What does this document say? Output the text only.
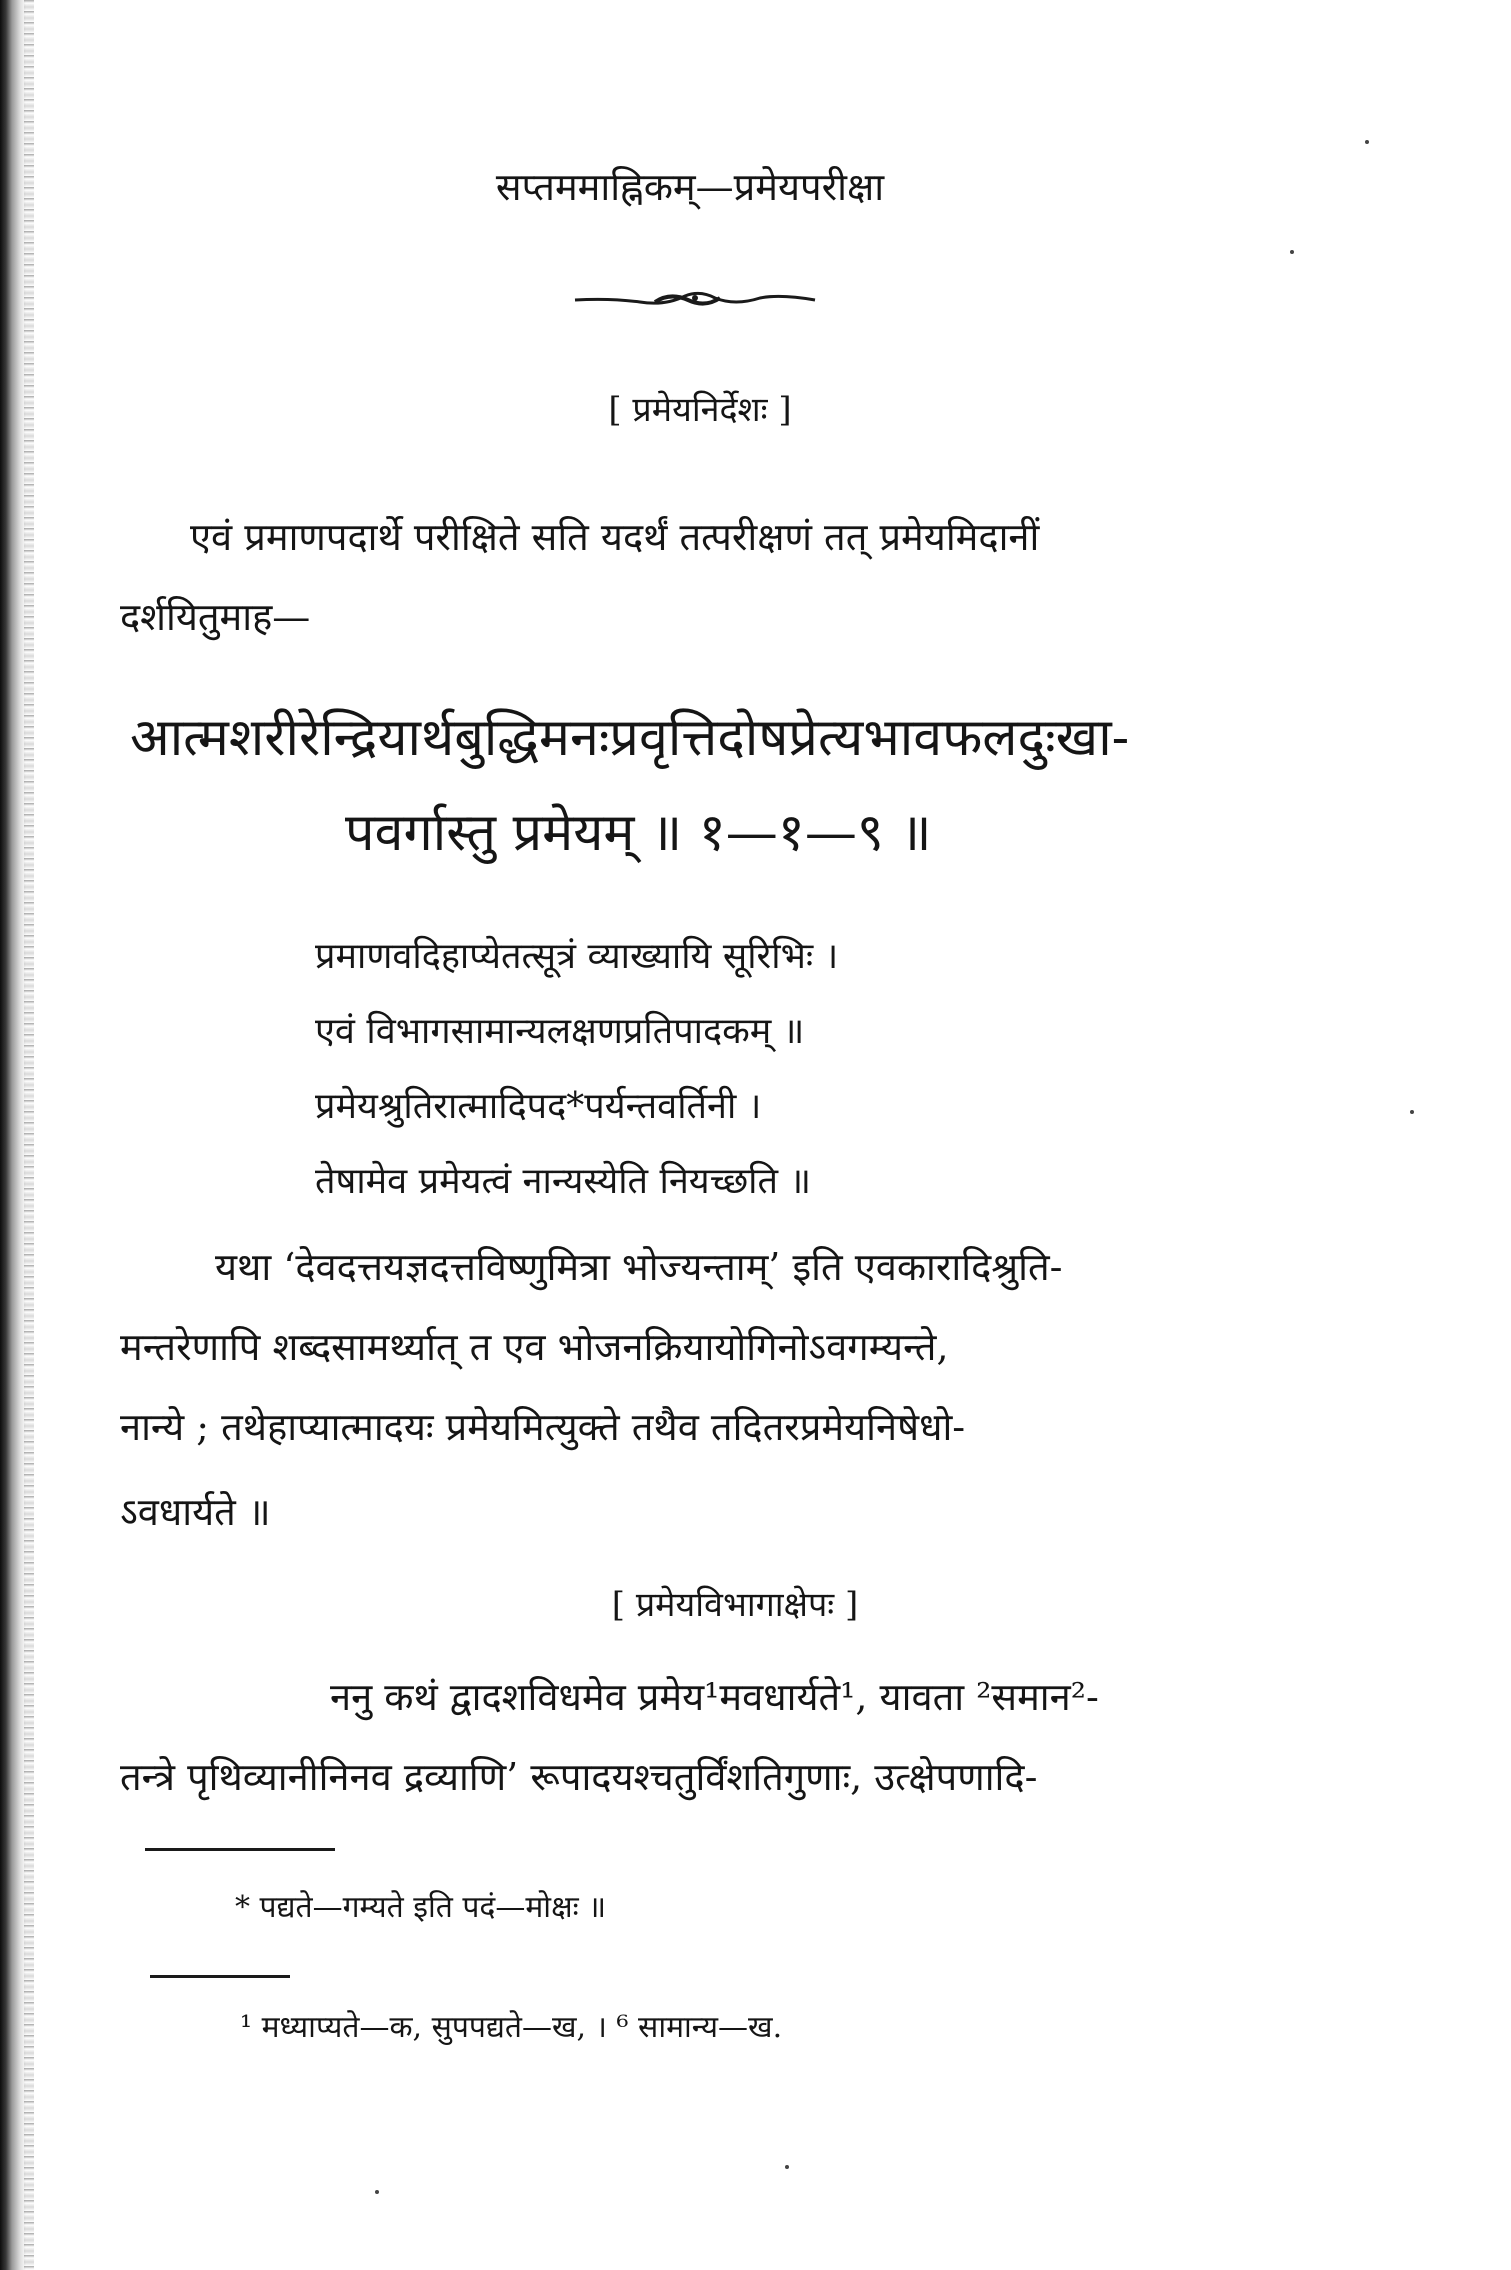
सप्तममाह्निकम्—प्रमेयपरीक्षा
[ प्रमेयनिर्देशः ]
एवं प्रमाणपदार्थे परीक्षिते सति यदर्थं तत्परीक्षणं तत् प्रमेयमिदानीं
दर्शयितुमाह—
आत्मशरीरेन्द्रियार्थबुद्धिमनःप्रवृत्तिदोषप्रेत्यभावफलदुःखा-
पवर्गास्तु प्रमेयम् ॥ १—१—९ ॥
प्रमाणवदिहाप्येतत्सूत्रं व्याख्यायि सूरिभिः ।
एवं विभागसामान्यलक्षणप्रतिपादकम् ॥
प्रमेयश्रुतिरात्मादिपद*पर्यन्तवर्तिनी ।
तेषामेव प्रमेयत्वं नान्यस्येति नियच्छति ॥
यथा ‘देवदत्तयज्ञदत्तविष्णुमित्रा भोज्यन्ताम्’ इति एवकारादिश्रुति-
मन्तरेणापि शब्दसामर्थ्यात् त एव भोजनक्रियायोगिनोऽवगम्यन्ते,
नान्ये ; तथेहाप्यात्मादयः प्रमेयमित्युक्ते तथैव तदितरप्रमेयनिषेधो-
ऽवधार्यते ॥
[ प्रमेयविभागाक्षेपः ]
ननु कथं द्वादशविधमेव प्रमेय¹मवधार्यते¹, यावता ²समान²-
तन्त्रे पृथिव्यानीनिनव द्रव्याणि’ रूपादयश्चतुर्विंशतिगुणाः, उत्क्षेपणादि-
* पद्यते—गम्यते इति पदं—मोक्षः ॥
¹ मध्याप्यते—क, सुपपद्यते—ख, । ⁶ सामान्य—ख.
